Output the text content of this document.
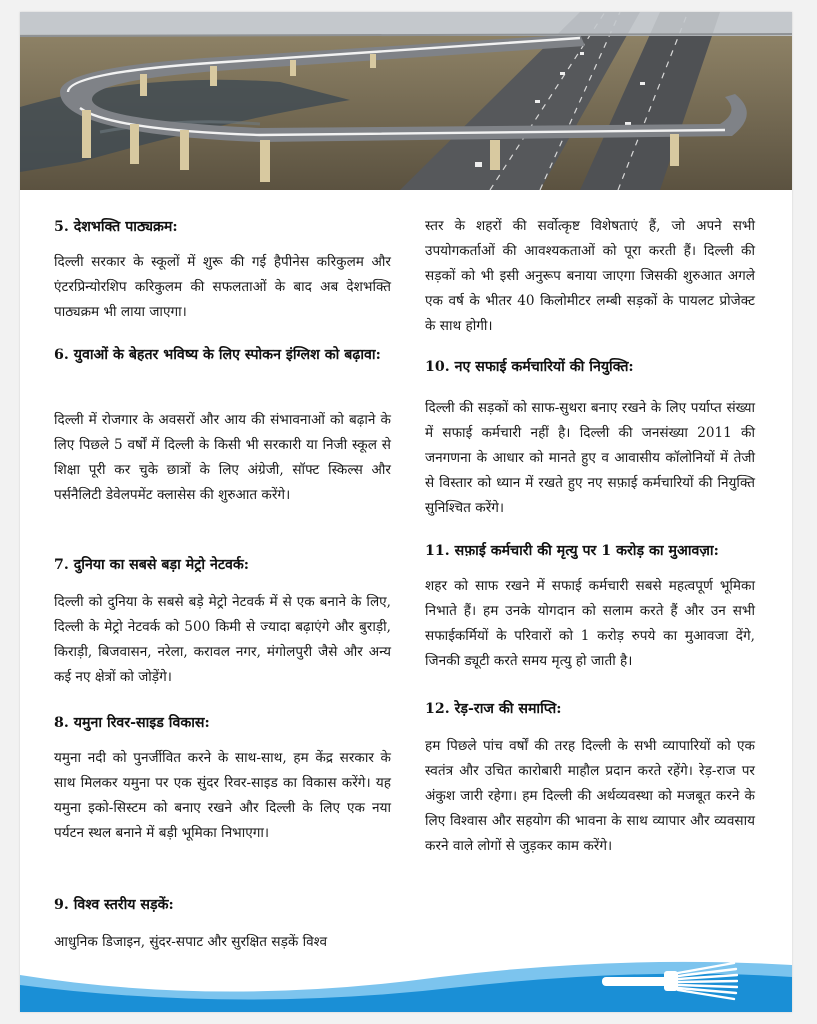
5. देशभक्ति पाठ्यक्रम:

दिल्ली सरकार के स्कूलों में शुरू की गई हैपीनेस करिकुलम और एंटरप्रिन्योरशिप करिकुलम की सफलताओं के बाद अब देशभक्ति पाठ्यक्रम भी लाया जाएगा।

6. युवाओं के बेहतर भविष्य के लिए स्पोकन इंग्लिश को बढ़ावा:

दिल्ली में रोजगार के अवसरों और आय की संभावनाओं को बढ़ाने के लिए पिछले 5 वर्षों में दिल्ली के किसी भी सरकारी या निजी स्कूल से शिक्षा पूरी कर चुके छात्रों के लिए अंग्रेजी, सॉफ्ट स्किल्स और पर्सनैलिटी डेवेलपमेंट क्लासेस की शुरुआत करेंगे।

7. दुनिया का सबसे बड़ा मेट्रो नेटवर्क:

दिल्ली को दुनिया के सबसे बड़े मेट्रो नेटवर्क में से एक बनाने के लिए, दिल्ली के मेट्रो नेटवर्क को 500 किमी से ज्यादा बढ़ाएंगे और बुराड़ी, किराड़ी, बिजवासन, नरेला, करावल नगर, मंगोलपुरी जैसे और अन्य कई नए क्षेत्रों को जोड़ेंगे।

8. यमुना रिवर-साइड विकास:

यमुना नदी को पुनर्जीवित करने के साथ-साथ, हम केंद्र सरकार के साथ मिलकर यमुना पर एक सुंदर रिवर-साइड का विकास करेंगे। यह यमुना इको-सिस्टम को बनाए रखने और दिल्ली के लिए एक नया पर्यटन स्थल बनाने में बड़ी भूमिका निभाएगा।

9. विश्व स्तरीय सड़कें:

आधुनिक डिजाइन, सुंदर-सपाट और सुरक्षित सड़कें विश्व

स्तर के शहरों की सर्वोत्कृष्ट विशेषताएं हैं, जो अपने सभी उपयोगकर्ताओं की आवश्यकताओं को पूरा करती हैं। दिल्ली की सड़कों को भी इसी अनुरूप बनाया जाएगा जिसकी शुरुआत अगले एक वर्ष के भीतर 40 किलोमीटर लम्बी सड़कों के पायलट प्रोजेक्ट के साथ होगी।

10. नए सफाई कर्मचारियों की नियुक्ति:

दिल्ली की सड़कों को साफ-सुथरा बनाए रखने के लिए पर्याप्त संख्या में सफाई कर्मचारी नहीं है। दिल्ली की जनसंख्या 2011 की जनगणना के आधार को मानते हुए व आवासीय कॉलोनियों में तेजी से विस्तार को ध्यान में रखते हुए नए सफ़ाई कर्मचारियों की नियुक्ति सुनिश्चित करेंगे।

11. सफ़ाई कर्मचारी की मृत्यु पर 1 करोड़ का मुआवज़ा:

शहर को साफ रखने में सफाई कर्मचारी सबसे महत्वपूर्ण भूमिका निभाते हैं। हम उनके योगदान को सलाम करते हैं और उन सभी सफाईकर्मियों के परिवारों को 1 करोड़ रुपये का मुआवजा देंगे, जिनकी ड्यूटी करते समय मृत्यु हो जाती है।

12. रेड़-राज की समाप्ति:

हम पिछले पांच वर्षों की तरह दिल्ली के सभी व्यापारियों को एक स्वतंत्र और उचित कारोबारी माहौल प्रदान करते रहेंगे। रेड़-राज पर अंकुश जारी रहेगा। हम दिल्ली की अर्थव्यवस्था को मजबूत करने के लिए विश्वास और सहयोग की भावना के साथ व्यापार और व्यवसाय करने वाले लोगों से जुड़कर काम करेंगे।
